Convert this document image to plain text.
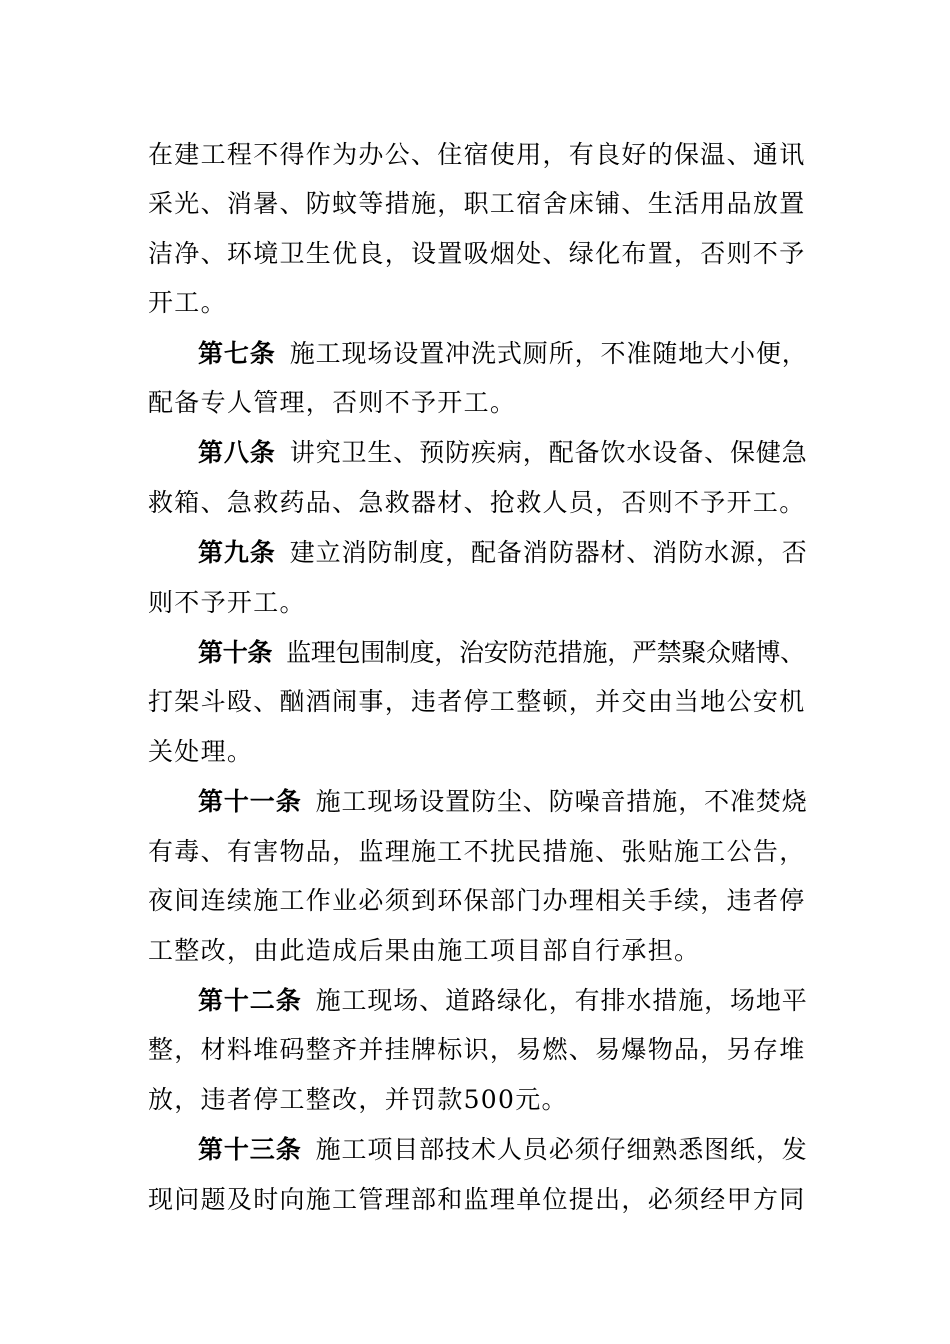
在建工程不得作为办公、住宿使用，有良好的保温、通讯
采光、消暑、防蚊等措施，职工宿舍床铺、生活用品放置
洁净、环境卫生优良，设置吸烟处、绿化布置，否则不予
开工。

第七条 施工现场设置冲洗式厕所，不准随地大小便，
配备专人管理，否则不予开工。

第八条 讲究卫生、预防疾病，配备饮水设备、保健急
救箱、急救药品、急救器材、抢救人员，否则不予开工。

第九条 建立消防制度，配备消防器材、消防水源，否
则不予开工。

第十条 监理包围制度，治安防范措施，严禁聚众赌博、
打架斗殴、酗酒闹事，违者停工整顿，并交由当地公安机
关处理。

第十一条 施工现场设置防尘、防噪音措施，不准焚烧
有毒、有害物品，监理施工不扰民措施、张贴施工公告，
夜间连续施工作业必须到环保部门办理相关手续，违者停
工整改，由此造成后果由施工项目部自行承担。

第十二条 施工现场、道路绿化，有排水措施，场地平
整，材料堆码整齐并挂牌标识，易燃、易爆物品，另存堆
放，违者停工整改，并罚款500元。

第十三条 施工项目部技术人员必须仔细熟悉图纸，发
现问题及时向施工管理部和监理单位提出，必须经甲方同
